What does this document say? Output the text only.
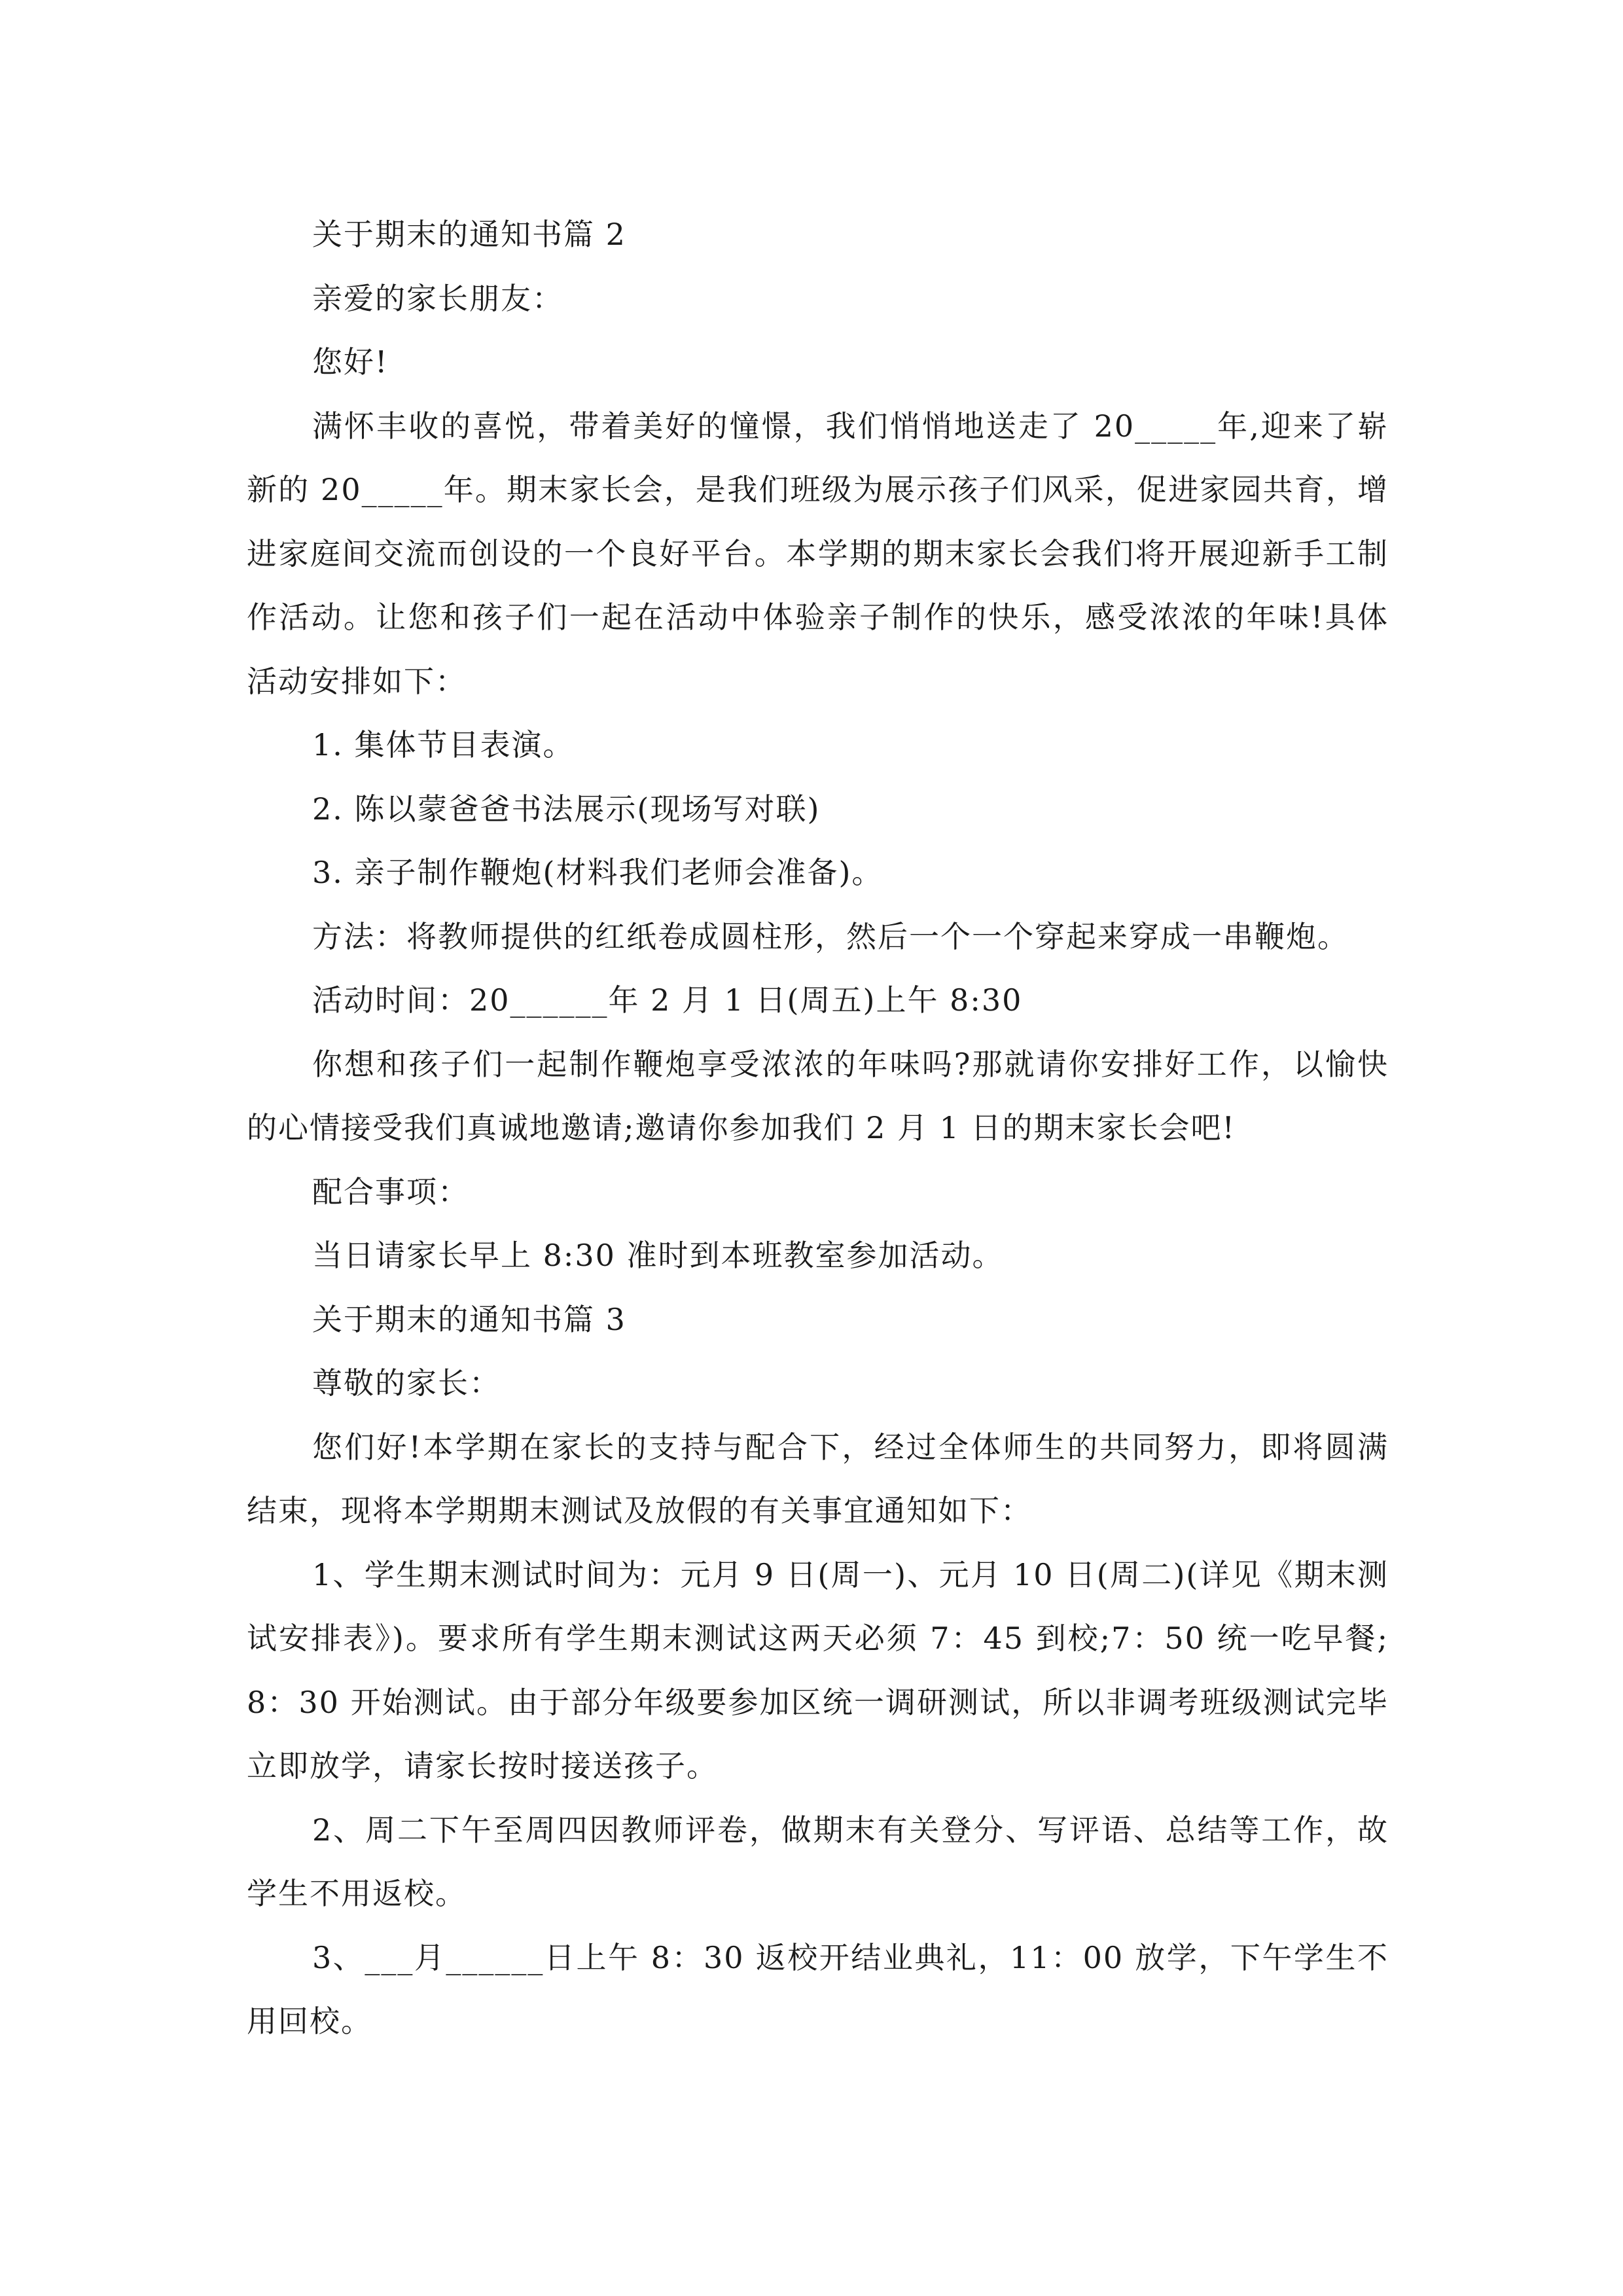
关于期末的通知书篇 2

亲爱的家长朋友：

您好!

满怀丰收的喜悦，带着美好的憧憬，我们悄悄地送走了 20_____年,迎来了崭新的 20_____年。期末家长会，是我们班级为展示孩子们风采，促进家园共育，增进家庭间交流而创设的一个良好平台。本学期的期末家长会我们将开展迎新手工制作活动。让您和孩子们一起在活动中体验亲子制作的快乐，感受浓浓的年味!具体活动安排如下：

1. 集体节目表演。

2. 陈以蒙爸爸书法展示(现场写对联)

3. 亲子制作鞭炮(材料我们老师会准备)。

方法：将教师提供的红纸卷成圆柱形，然后一个一个穿起来穿成一串鞭炮。

活动时间：20______年 2 月 1 日(周五)上午 8:30

你想和孩子们一起制作鞭炮享受浓浓的年味吗?那就请你安排好工作，以愉快的心情接受我们真诚地邀请;邀请你参加我们 2 月 1 日的期末家长会吧!

配合事项：

当日请家长早上 8:30 准时到本班教室参加活动。

关于期末的通知书篇 3

尊敬的家长：

您们好!本学期在家长的支持与配合下，经过全体师生的共同努力，即将圆满结束，现将本学期期末测试及放假的有关事宜通知如下：

1、学生期末测试时间为：元月 9 日(周一)、元月 10 日(周二)(详见《期末测试安排表》)。要求所有学生期末测试这两天必须 7：45 到校;7：50 统一吃早餐;8：30 开始测试。由于部分年级要参加区统一调研测试，所以非调考班级测试完毕立即放学，请家长按时接送孩子。

2、周二下午至周四因教师评卷，做期末有关登分、写评语、总结等工作，故学生不用返校。

3、___月______日上午 8：30 返校开结业典礼，11：00 放学，下午学生不用回校。
